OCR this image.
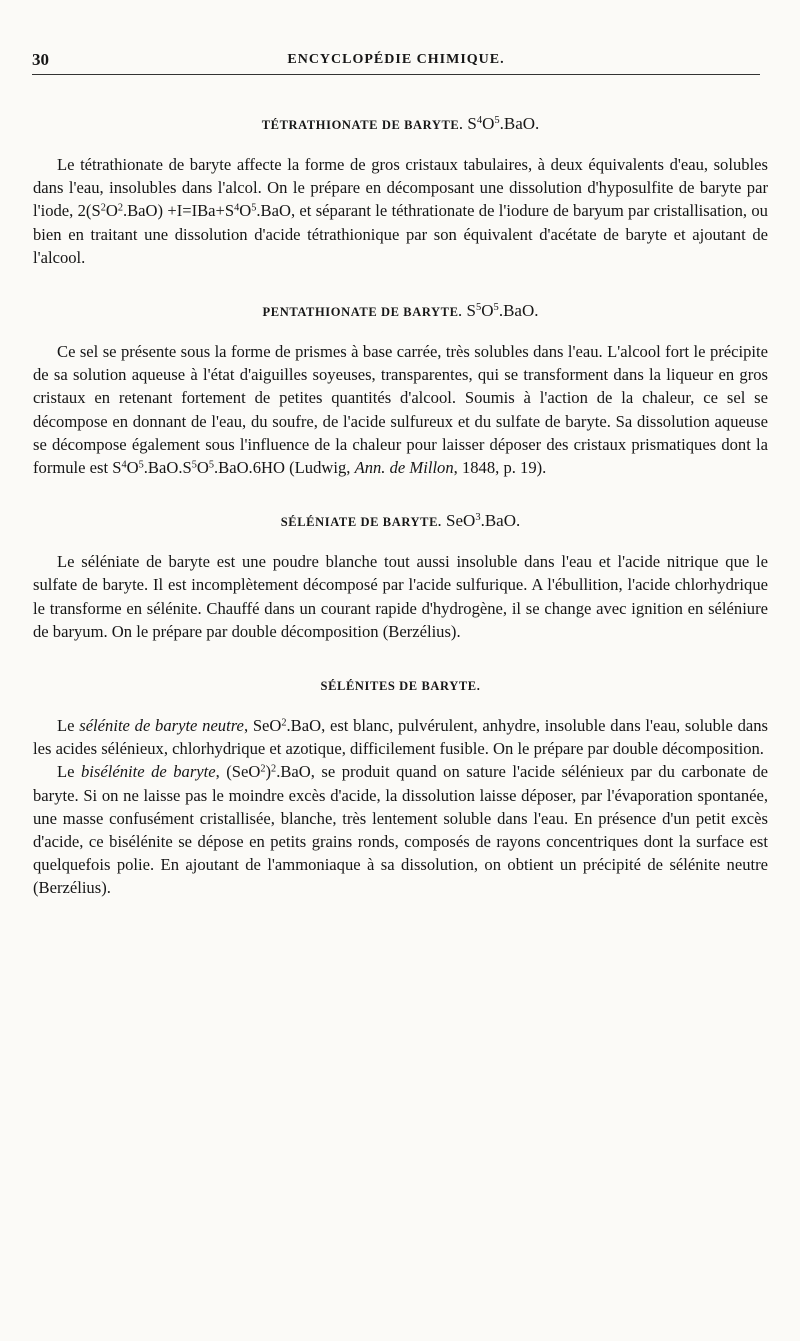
30	ENCYCLOPÉDIE CHIMIQUE.
TÉTRATHIONATE DE BARYTE. $S^4O^5.BaO$.

Le tétrathionate de baryte affecte la forme de gros cristaux tabulaires, à deux équivalents d'eau, solubles dans l'eau, insolubles dans l'alcol. On le prépare en décomposant une dissolution d'hyposulfite de baryte par l'iode, $2(S^2O^2.BaO) +I=IBa+S^4O^5.BaO$, et séparant le téthrationate de l'iodure de baryum par cristallisation, ou bien en traitant une dissolution d'acide tétrathionique par son équivalent d'acétate de baryte et ajoutant de l'alcool.

PENTATHIONATE DE BARYTE. $S^5O^5.BaO$.

Ce sel se présente sous la forme de prismes à base carrée, très solubles dans l'eau. L'alcool fort le précipite de sa solution aqueuse à l'état d'aiguilles soyeuses, transparentes, qui se transforment dans la liqueur en gros cristaux en retenant fortement de petites quantités d'alcool. Soumis à l'action de la chaleur, ce sel se décompose en donnant de l'eau, du soufre, de l'acide sulfureux et du sulfate de baryte. Sa dissolution aqueuse se décompose également sous l'influence de la chaleur pour laisser déposer des cristaux prismatiques dont la formule est $S^4O^5.BaO.S^5O^5.BaO.6HO$ (Ludwig, Ann. de Millon, 1848, p. 19).

SÉLÉNIATE DE BARYTE. SeO$^3$.BaO.

Le séléniate de baryte est une poudre blanche tout aussi insoluble dans l'eau et l'acide nitrique que le sulfate de baryte. Il est incomplètement décomposé par l'acide sulfurique. A l'ébullition, l'acide chlorhydrique le transforme en sélénite. Chauffé dans un courant rapide d'hydrogène, il se change avec ignition en séléniure de baryum. On le prépare par double décomposition (Berzélius).

SÉLÉNITES DE BARYTE.

Le sélénite de baryte neutre, SeO$^2$.BaO, est blanc, pulvérulent, anhydre, insoluble dans l'eau, soluble dans les acides sélénieux, chlorhydrique et azotique, difficilement fusible. On le prépare par double décomposition.

Le bisélénite de baryte, $(SeO^2)^2.BaO$, se produit quand on sature l'acide sélénieux par du carbonate de baryte. Si on ne laisse pas le moindre excès d'acide, la dissolution laisse déposer, par l'évaporation spontanée, une masse confusément cristallisée, blanche, très lentement soluble dans l'eau. En présence d'un petit excès d'acide, ce bisélénite se dépose en petits grains ronds, composés de rayons concentriques dont la surface est quelquefois polie. En ajoutant de l'ammoniaque à sa dissolution, on obtient un précipité de sélénite neutre (Berzélius).
